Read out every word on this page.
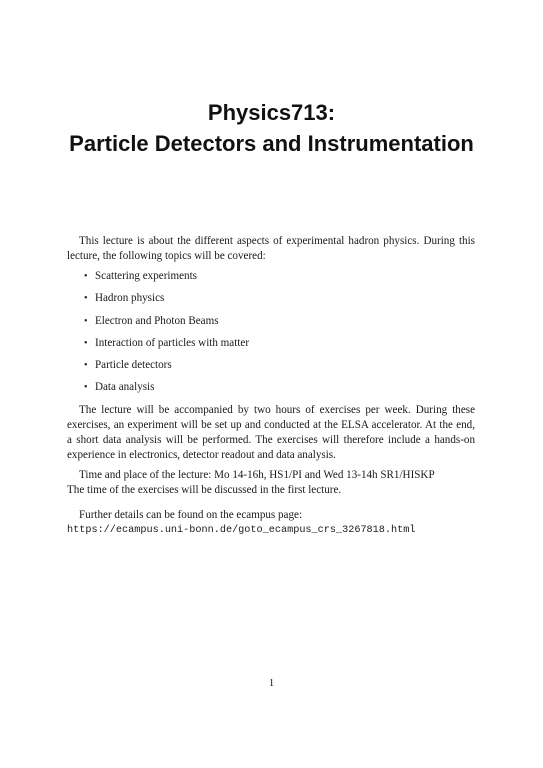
Physics713:
Particle Detectors and Instrumentation

This lecture is about the different aspects of experimental hadron physics. During this lecture, the following topics will be covered:

• Scattering experiments
• Hadron physics
• Electron and Photon Beams
• Interaction of particles with matter
• Particle detectors
• Data analysis

The lecture will be accompanied by two hours of exercises per week. During these exercises, an experiment will be set up and conducted at the ELSA accelerator. At the end, a short data analysis will be performed. The exercises will therefore include a hands-on experience in electronics, detector readout and data analysis.

Time and place of the lecture: Mo 14-16h, HS1/PI and Wed 13-14h SR1/HISKP
The time of the exercises will be discussed in the first lecture.
Further details can be found on the ecampus page:
https://ecampus.uni-bonn.de/goto_ecampus_crs_3267818.html
1
